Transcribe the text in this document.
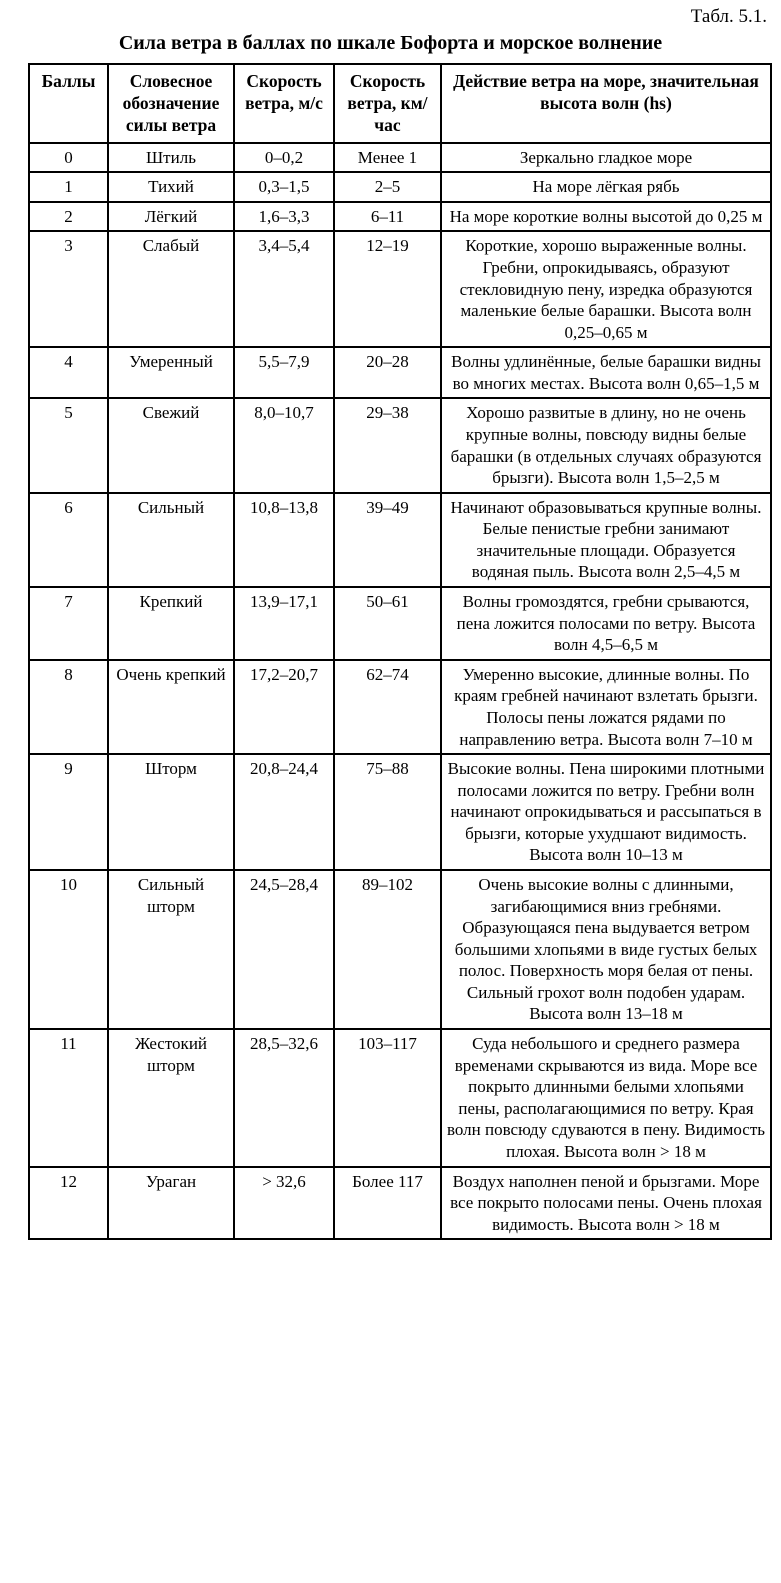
Табл. 5.1.
Сила ветра в баллах по шкале Бофорта и морское волнение
Баллы	Словесное обозначение силы ветра	Скорость ветра, м/с	Скорость ветра, км/час	Действие ветра на море, значительная высота волн (hs)
0	Штиль	0–0,2	Менее 1	Зеркально гладкое море
1	Тихий	0,3–1,5	2–5	На море лёгкая рябь
2	Лёгкий	1,6–3,3	6–11	На море короткие волны высотой до 0,25 м
3	Слабый	3,4–5,4	12–19	Короткие, хорошо выраженные волны. Гребни, опрокидываясь, образуют стекловидную пену, изредка образуются маленькие белые барашки. Высота волн 0,25–0,65 м
4	Умеренный	5,5–7,9	20–28	Волны удлинённые, белые барашки видны во многих местах. Высота волн 0,65–1,5 м
5	Свежий	8,0–10,7	29–38	Хорошо развитые в длину, но не очень крупные волны, повсюду видны белые барашки (в отдельных случаях образуются брызги). Высота волн 1,5–2,5 м
6	Сильный	10,8–13,8	39–49	Начинают образовываться крупные волны. Белые пенистые гребни занимают значительные площади. Образуется водяная пыль. Высота волн 2,5–4,5 м
7	Крепкий	13,9–17,1	50–61	Волны громоздятся, гребни срываются, пена ложится полосами по ветру. Высота волн 4,5–6,5 м
8	Очень крепкий	17,2–20,7	62–74	Умеренно высокие, длинные волны. По краям гребней начинают взлетать брызги. Полосы пены ложатся рядами по направлению ветра. Высота волн 7–10 м
9	Шторм	20,8–24,4	75–88	Высокие волны. Пена широкими плотными полосами ложится по ветру. Гребни волн начинают опрокидываться и рассыпаться в брызги, которые ухудшают видимость. Высота волн 10–13 м
10	Сильный шторм	24,5–28,4	89–102	Очень высокие волны с длинными, загибающимися вниз гребнями. Образующаяся пена выдувается ветром большими хлопьями в виде густых белых полос. Поверхность моря белая от пены. Сильный грохот волн подобен ударам. Высота волн 13–18 м
11	Жестокий шторм	28,5–32,6	103–117	Суда небольшого и среднего размера временами скрываются из вида. Море все покрыто длинными белыми хлопьями пены, располагающимися по ветру. Края волн повсюду сдуваются в пену. Видимость плохая. Высота волн > 18 м
12	Ураган	> 32,6	Более 117	Воздух наполнен пеной и брызгами. Море все покрыто полосами пены. Очень плохая видимость. Высота волн > 18 м
